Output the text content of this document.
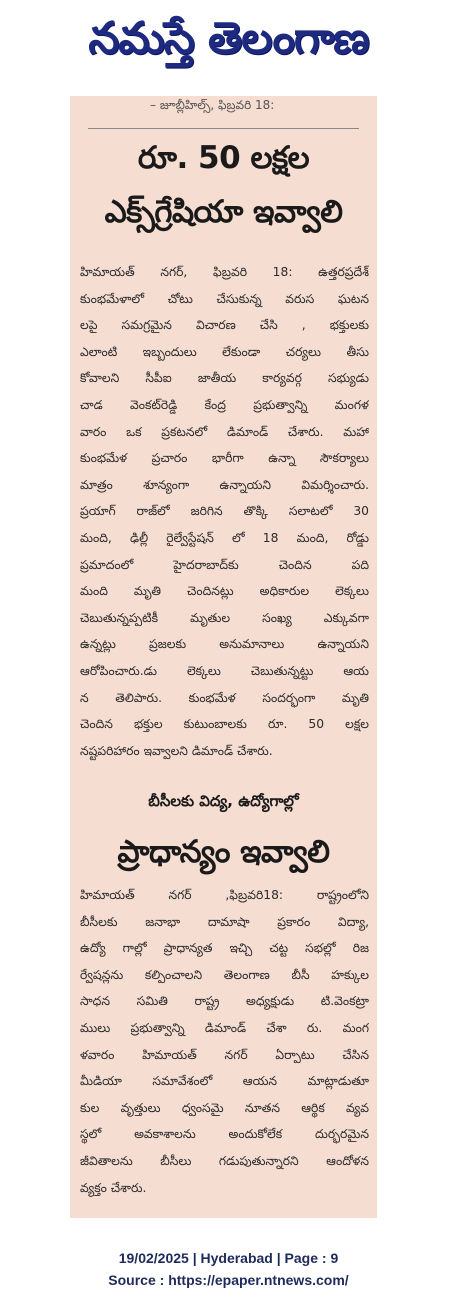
నమస్తే తెలంగాణ
– జూబ్లీహిల్స్, ఫిబ్రవరి 18:
రూ. 50 లక్షల
ఎక్స్‌గ్రేషియా ఇవ్వాలి
హిమాయత్ నగర్, ఫిబ్రవరి 18: ఉత్తరప్రదేశ్
కుంభమేళాలో చోటు చేసుకున్న వరుస ఘటన
లపై సమగ్రమైన విచారణ చేసి , భక్తులకు
ఎలాంటి ఇబ్బందులు లేకుండా చర్యలు తీసు
కోవాలని సీపీఐ జాతీయ కార్యవర్గ సభ్యుడు
చాడ వెంకట్‌రెడ్డి కేంద్ర ప్రభుత్వాన్ని మంగళ
వారం ఒక ప్రకటనలో డిమాండ్ చేశారు. మహా
కుంభమేళ ప్రచారం భారీగా ఉన్నా సౌకర్యాలు
మాత్రం శూన్యంగా ఉన్నాయని విమర్శించారు.
ప్రయాగ్ రాజ్‌లో జరిగిన తొక్కి సలాటలో 30
మంది, ఢిల్లీ రైల్వేస్టేషన్ లో 18 మంది, రోడ్డు
ప్రమాదంలో హైదరాబాద్‌కు చెందిన పది
మంది మృతి చెందినట్లు అధికారుల లెక్కలు
చెబుతున్నప్పటికీ మృతుల సంఖ్య ఎక్కువగా
ఉన్నట్లు ప్రజలకు అనుమానాలు ఉన్నాయని
ఆరోపించారు.డు లెక్కలు చెబుతున్నట్టు ఆయ
న తెలిపారు. కుంభమేళ సందర్భంగా మృతి
చెందిన భక్తుల కుటుంబాలకు రూ. 50 లక్షల
నష్టపరిహారం ఇవ్వాలని డిమాండ్ చేశారు.
బీసీలకు విద్య, ఉద్యోగాల్లో
ప్రాధాన్యం ఇవ్వాలి
హిమాయత్ నగర్ ,ఫిబ్రవరి18: రాష్ట్రంలోని
బీసీలకు జనాభా దామాషా ప్రకారం విద్యా,
ఉద్యో గాల్లో ప్రాధాన్యత ఇచ్చి చట్ట సభల్లో రిజ
ర్వేషన్లను కల్పించాలని తెలంగాణ బీసీ హక్కుల
సాధన సమితి రాష్ట్ర అధ్యక్షుడు టి.వెంకట్రా
ములు ప్రభుత్వాన్ని డిమాండ్ చేశా రు. మంగ
ళవారం హిమాయత్ నగర్ ఏర్పాటు చేసిన
మీడియా సమావేశంలో ఆయన మాట్లాడుతూ
కుల వృత్తులు ధ్వంసమై నూతన ఆర్థిక వ్యవ
స్థలో అవకాశాలను అందుకోలేక దుర్భరమైన
జీవితాలను బీసీలు గడుపుతున్నారని ఆందోళన
వ్యక్తం చేశారు.
19/02/2025 | Hyderabad | Page : 9
Source : https://epaper.ntnews.com/
